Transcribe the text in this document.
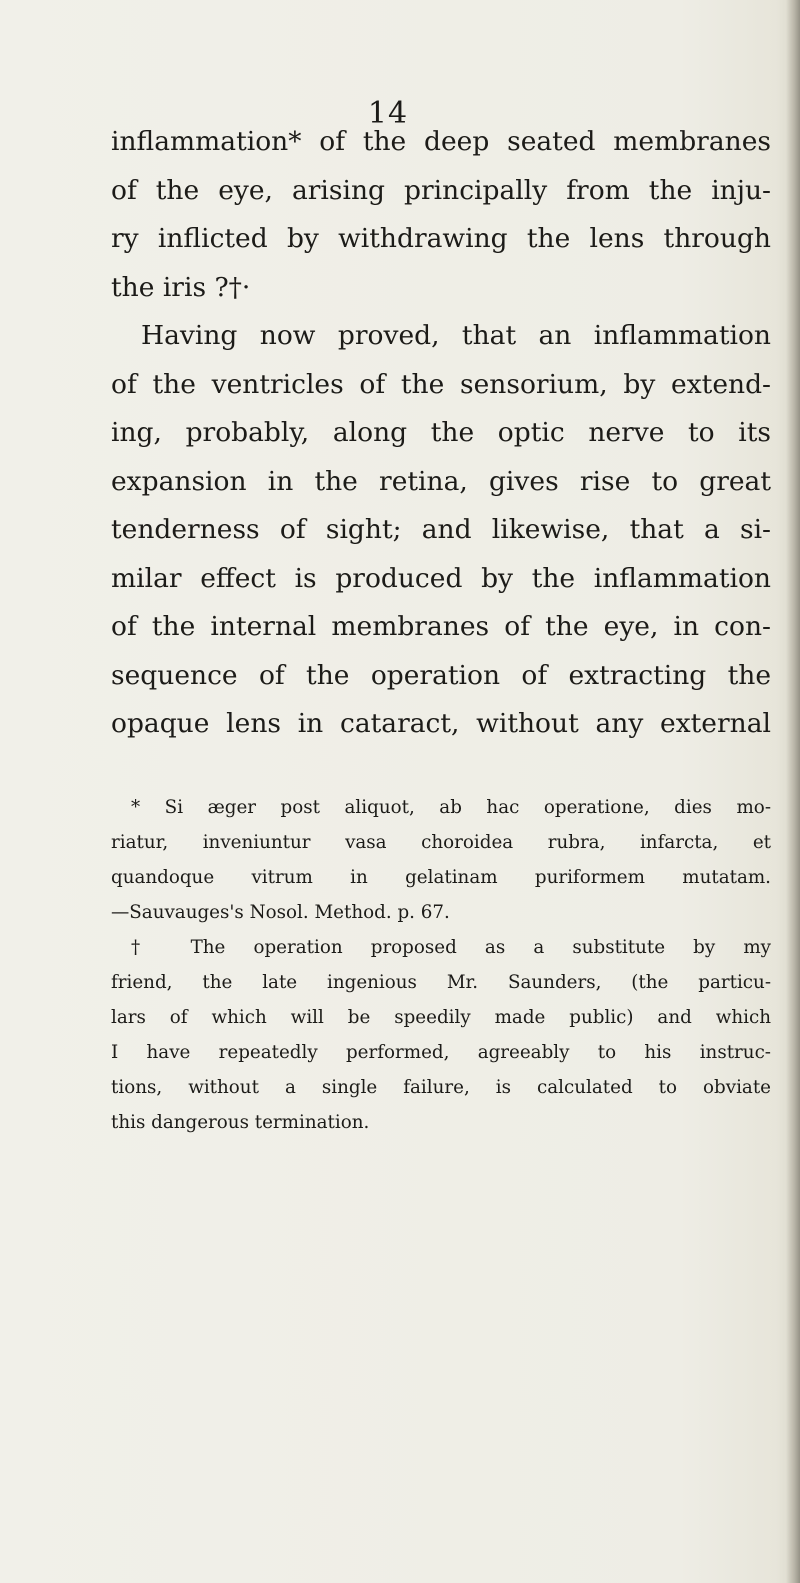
14
inflammation* of the deep seated membranes
of the eye, arising principally from the inju-
ry inflicted by withdrawing the lens through
the iris ?†·
Having now proved, that an inflammation
of the ventricles of the sensorium, by extend-
ing, probably, along the optic nerve to its
expansion in the retina, gives rise to great
tenderness of sight; and likewise, that a si-
milar effect is produced by the inflammation
of the internal membranes of the eye, in con-
sequence of the operation of extracting the
opaque lens in cataract, without any external
* Si æger post aliquot, ab hac operatione, dies mo-
riatur, inveniuntur vasa choroidea rubra, infarcta, et
quandoque vitrum in gelatinam puriformem mutatam.
—Sauvauges's Nosol. Method. p. 67.
† The operation proposed as a substitute by my
friend, the late ingenious Mr. Saunders, (the particu-
lars of which will be speedily made public) and which
I have repeatedly performed, agreeably to his instruc-
tions, without a single failure, is calculated to obviate
this dangerous termination.
